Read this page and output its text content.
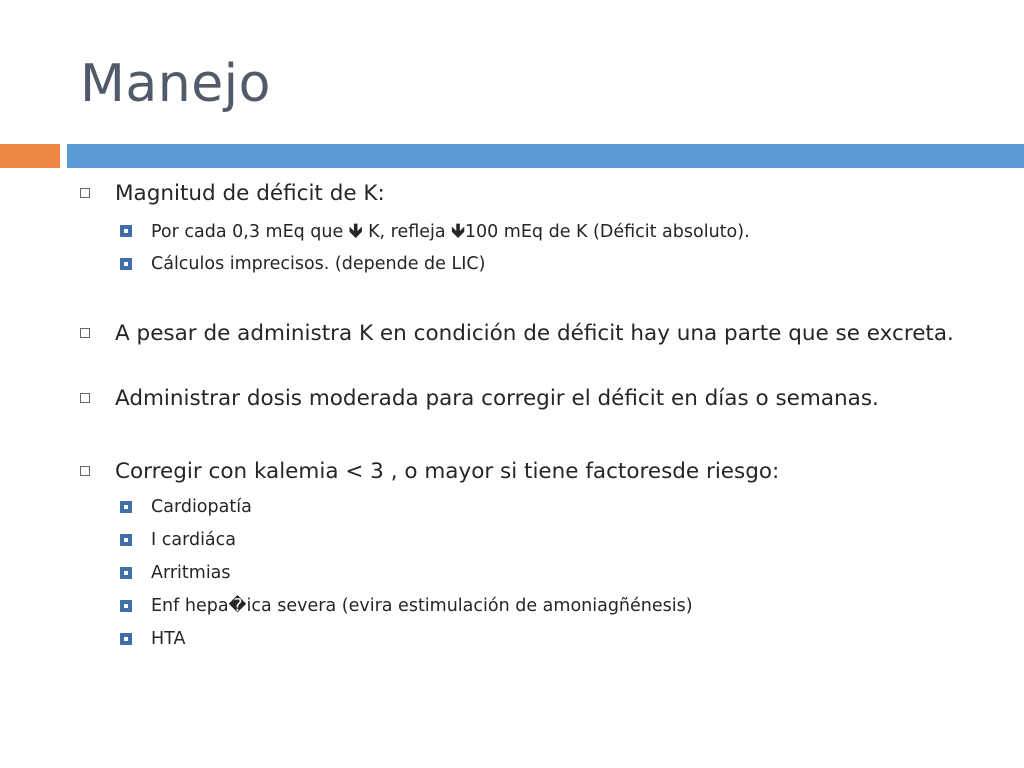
Manejo
Magnitud de déficit de K:
Por cada 0,3 mEq que 🡻 K, refleja 🡻100 mEq de K (Déficit absoluto).
Cálculos imprecisos. (depende de LIC)
A pesar de administra K en condición de déficit hay una parte que se excreta.
Administrar dosis moderada para corregir el déficit en días o semanas.
Corregir con kalemia < 3 , o mayor si tiene factoresde riesgo:
Cardiopatía
I cardiáca
Arritmias
Enf hepa�ica severa (evira estimulación de amoniagñénesis)
HTA
